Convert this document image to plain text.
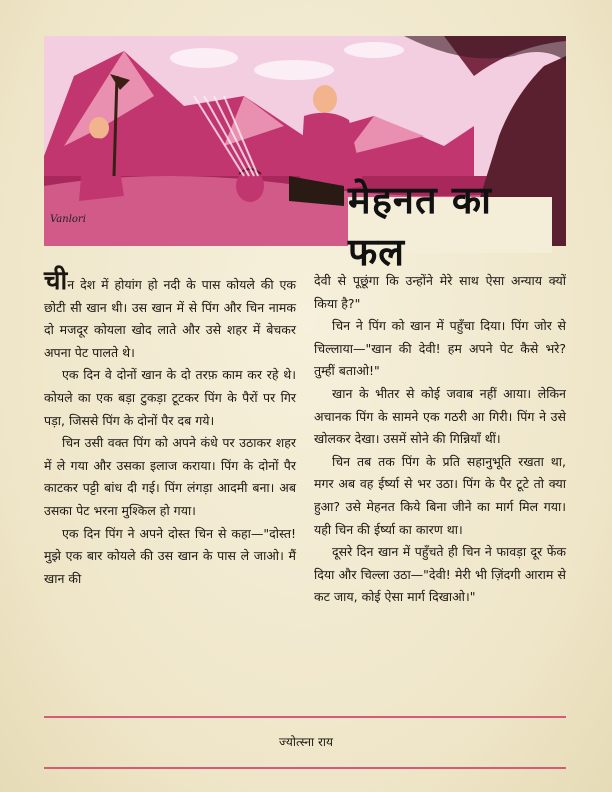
Vanlori	मेहनत का फल

चीन देश में होयांग हो नदी के पास कोयले की एक छोटी सी खान थी। उस खान में से पिंग और चिन नामक दो मजदूर कोयला खोद लाते और उसे शहर में बेचकर अपना पेट पालते थे।

एक दिन वे दोनों खान के दो तरफ़ काम कर रहे थे। कोयले का एक बड़ा टुकड़ा टूटकर पिंग के पैरों पर गिर पड़ा, जिससे पिंग के दोनों पैर दब गये।

चिन उसी वक्त पिंग को अपने कंधे पर उठाकर शहर में ले गया और उसका इलाज कराया। पिंग के दोनों पैर काटकर पट्टी बांध दी गई। पिंग लंगड़ा आदमी बना। अब उसका पेट भरना मुश्किल हो गया।

एक दिन पिंग ने अपने दोस्त चिन से कहा—"दोस्त! मुझे एक बार कोयले की उस खान के पास ले जाओ। मैं खान की

देवी से पूछूंगा कि उन्होंने मेरे साथ ऐसा अन्याय क्यों किया है?"

चिन ने पिंग को खान में पहुँचा दिया। पिंग जोर से चिल्लाया—"खान की देवी! हम अपने पेट कैसे भरे? तुम्हीं बताओ!"

खान के भीतर से कोई जवाब नहीं आया। लेकिन अचानक पिंग के सामने एक गठरी आ गिरी। पिंग ने उसे खोलकर देखा। उसमें सोने की गिन्नियाँ थीं।

चिन तब तक पिंग के प्रति सहानुभूति रखता था, मगर अब वह ईर्ष्या से भर उठा। पिंग के पैर टूटे तो क्या हुआ? उसे मेहनत किये बिना जीने का मार्ग मिल गया। यही चिन की ईर्ष्या का कारण था।

दूसरे दिन खान में पहुँचते ही चिन ने फावड़ा दूर फेंक दिया और चिल्ला उठा—"देवी! मेरी भी ज़िंदगी आराम से कट जाय, कोई ऐसा मार्ग दिखाओ।"

ज्योत्स्ना राय
